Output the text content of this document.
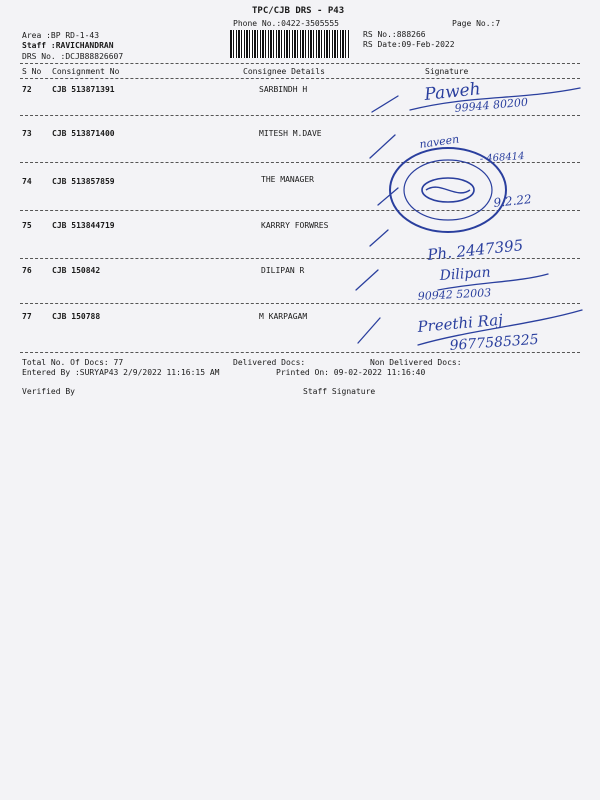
TPC/CJB DRS - P43
Phone No.:0422-3505555	Page No.:7
Area :BP RD-1-43
Staff :RAVICHANDRAN
DRS No. :DCJB88826607
RS No.:888266
RS Date:09-Feb-2022
S No Consignment No	Consignee Details	Signature
72	CJB 513871391	SARBINDH H
73	CJB 513871400	MITESH M.DAVE
74	CJB 513857859	THE MANAGER
75	CJB 513844719	KARRRY FORWRES
76	CJB 150842	DILIPAN R
77	CJB 150788	M KARPAGAM
Total No. Of Docs: 77	Delivered Docs:	Non Delivered Docs:
Entered By :SURYAP43 2/9/2022 11:16:15 AM	Printed On: 09-02-2022 11:16:40
Verified By	Staff Signature
Paweh
99944 80200
naveen
- 468414
9.2.22
Ph. 2447395
Dilipan
90942 52003
Preethi Raj
9677585325
